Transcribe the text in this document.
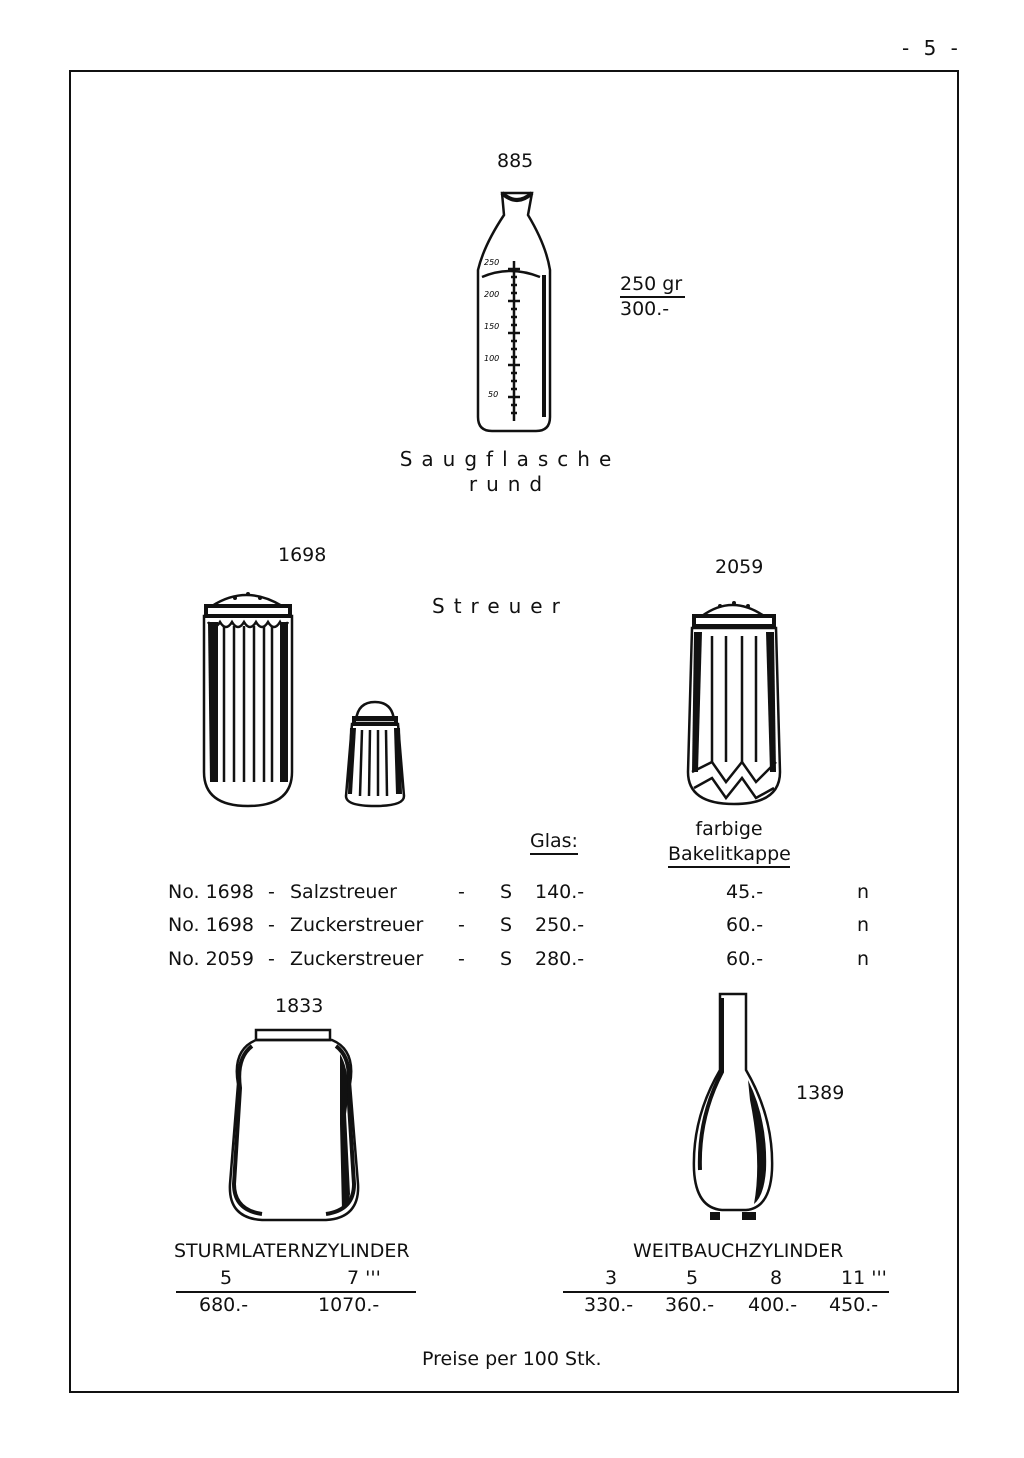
- 5 -
885
250
200
150
100
50
250 gr
300.-
Saugflasche
rund
1698
Streuer
2059
Glas:
farbige
Bakelitkappe
No. 1698 - Salzstreuer	- S 140.-	45.-	n
No. 1698 - Zuckerstreuer - S 250.-	60.-	n
No. 2059 - Zuckerstreuer - S 280.-	60.-	n
1833
STURMLATERNZYLINDER
5	7 '''
680.-	1070.-
1389
WEITBAUCHZYLINDER
3	5	8	11 '''
330.- 360.- 400.- 450.-
Preise per 100 Stk.
